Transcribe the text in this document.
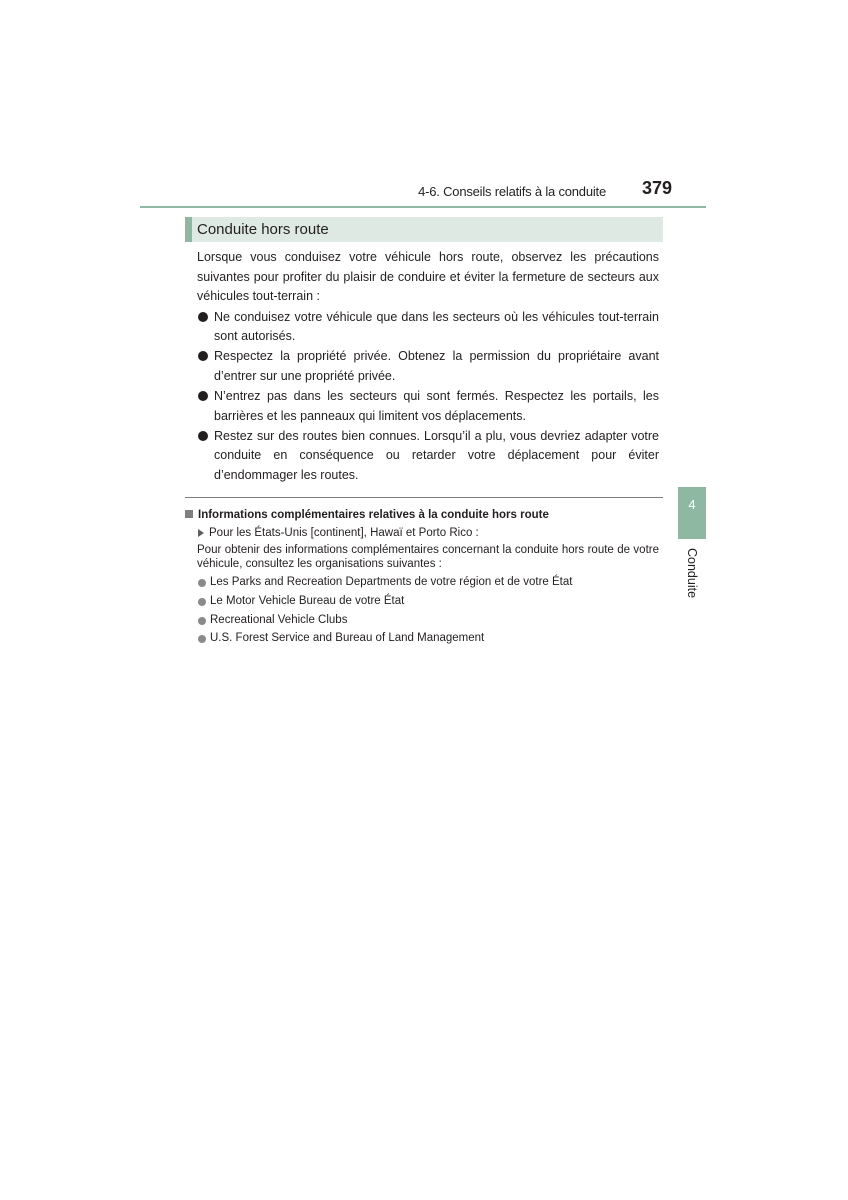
4-6. Conseils relatifs à la conduite	379
Conduite hors route

Lorsque vous conduisez votre véhicule hors route, observez les précautions suivantes pour profiter du plaisir de conduire et éviter la fermeture de secteurs aux véhicules tout-terrain :

Ne conduisez votre véhicule que dans les secteurs où les véhicules tout-terrain sont autorisés.
Respectez la propriété privée. Obtenez la permission du propriétaire avant d’entrer sur une propriété privée.
N’entrez pas dans les secteurs qui sont fermés. Respectez les portails, les barrières et les panneaux qui limitent vos déplacements.
Restez sur des routes bien connues. Lorsqu’il a plu, vous devriez adapter votre conduite en conséquence ou retarder votre déplacement pour éviter d’endommager les routes.
Informations complémentaires relatives à la conduite hors route
Pour les États-Unis [continent], Hawaï et Porto Rico :
Pour obtenir des informations complémentaires concernant la conduite hors route de votre véhicule, consultez les organisations suivantes :
Les Parks and Recreation Departments de votre région et de votre État
Le Motor Vehicle Bureau de votre État
Recreational Vehicle Clubs
U.S. Forest Service and Bureau of Land Management
4
Conduite
